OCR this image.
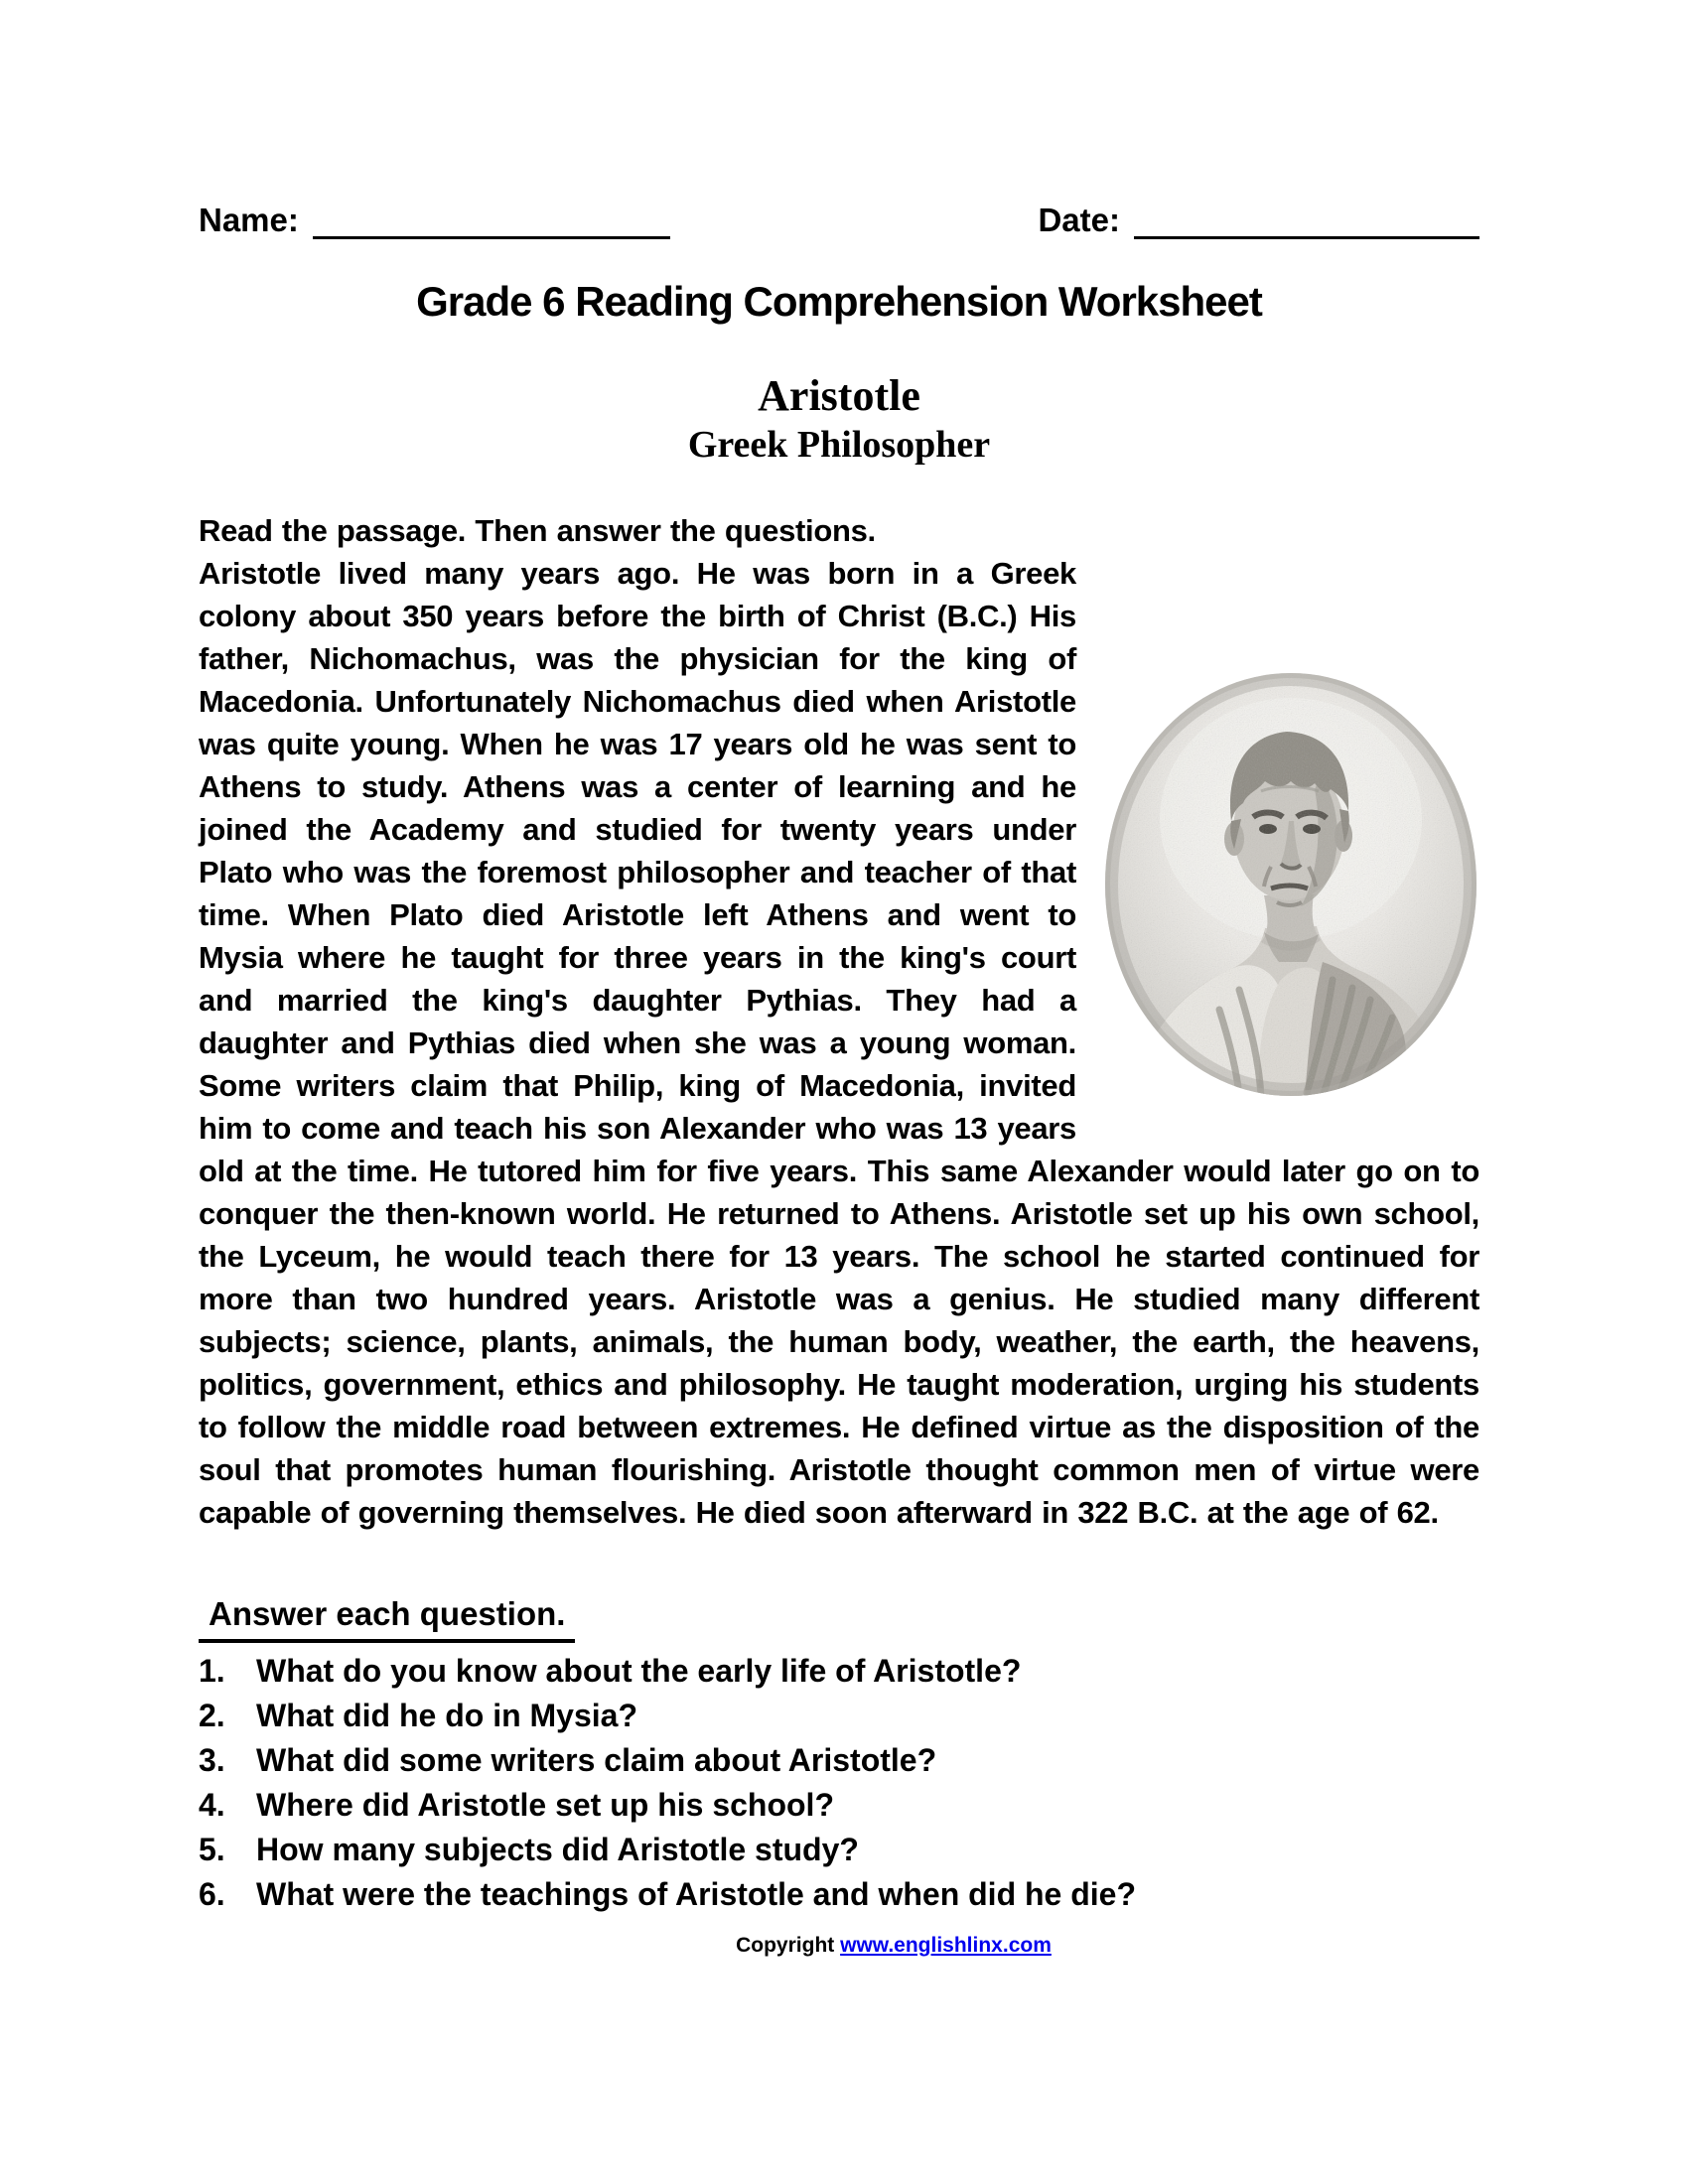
Name:	Date:
Grade 6 Reading Comprehension Worksheet
Aristotle
Greek Philosopher
Read the passage. Then answer the questions.
Aristotle lived many years ago. He was born in a Greek colony about 350 years before the birth of Christ (B.C.) His father, Nichomachus, was the physician for the king of Macedonia. Unfortunately Nichomachus died when Aristotle was quite young. When he was 17 years old he was sent to Athens to study. Athens was a center of learning and he joined the Academy and studied for twenty years under Plato who was the foremost philosopher and teacher of that time. When Plato died Aristotle left Athens and went to Mysia where he taught for three years in the king's court and married the king's daughter Pythias. They had a daughter and Pythias died when she was a young woman. Some writers claim that Philip, king of Macedonia, invited him to come and teach his son Alexander who was 13 years old at the time. He tutored him for five years. This same Alexander would later go on to conquer the then-known world. He returned to Athens. Aristotle set up his own school, the Lyceum, he would teach there for 13 years. The school he started continued for more than two hundred years. Aristotle was a genius. He studied many different subjects; science, plants, animals, the human body, weather, the earth, the heavens, politics, government, ethics and philosophy. He taught moderation, urging his students to follow the middle road between extremes. He defined virtue as the disposition of the soul that promotes human flourishing. Aristotle thought common men of virtue were capable of governing themselves. He died soon afterward in 322 B.C. at the age of 62.
Answer each question.
1. What do you know about the early life of Aristotle?
2. What did he do in Mysia?
3. What did some writers claim about Aristotle?
4. Where did Aristotle set up his school?
5. How many subjects did Aristotle study?
6. What were the teachings of Aristotle and when did he die?
Copyright www.englishlinx.com
